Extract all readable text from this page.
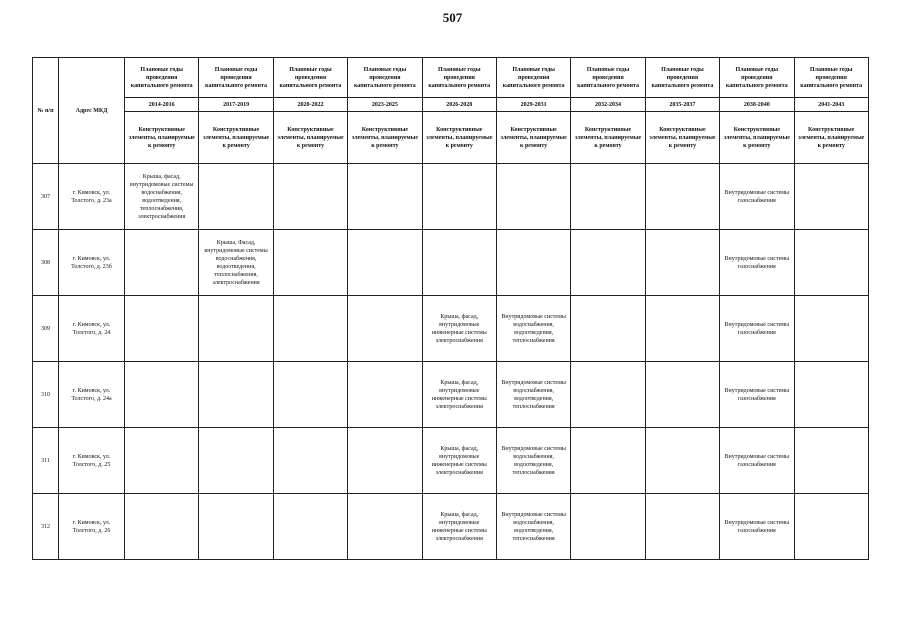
507
№ п/п	Адрес МКД	Плановые годы проведения капитального ремонта	Плановые годы проведения капитального ремонта	Плановые годы проведения капитального ремонта	Плановые годы проведения капитального ремонта	Плановые годы проведения капитального ремонта	Плановые годы проведения капитального ремонта	Плановые годы проведения капитального ремонта	Плановые годы проведения капитального ремонта	Плановые годы проведения капитального ремонта	Плановые годы проведения капитального ремонта
		2014-2016	2017-2019	2020-2022	2023-2025	2026-2028	2029-2031	2032-2034	2035-2037	2038-2040	2041-2043
		Конструктивные элементы, планируемые к ремонту	Конструктивные элементы, планируемые к ремонту	Конструктивные элементы, планируемые к ремонту	Конструктивные элементы, планируемые к ремонту	Конструктивные элементы, планируемые к ремонту	Конструктивные элементы, планируемые к ремонту	Конструктивные элементы, планируемые к ремонту	Конструктивные элементы, планируемые к ремонту	Конструктивные элементы, планируемые к ремонту	Конструктивные элементы, планируемые к ремонту
307	г. Кимовск, ул. Толстого, д. 23а	Крыша, фасад, внутридомовые системы водоснабжения, водоотведения, теплоснабжения, электроснабжения								Внутридомовые системы газоснабжения	
308	г. Кимовск, ул. Толстого, д. 23б		Крыша, Фасад, внутридомовые системы водоснабжения, водоотведения, теплоснабжения, электроснабжения							Внутридомовые системы газоснабжения	
309	г. Кимовск, ул. Толстого, д. 24					Крыша, фасад, внутридомовые инженерные системы электроснабжения	Внутридомовые системы водоснабжения, водоотведения, теплоснабжения			Внутридомовые системы газоснабжения	
310	г. Кимовск, ул. Толстого, д. 24а					Крыша, фасад, внутридомовые инженерные системы электроснабжения	Внутридомовые системы водоснабжения, водоотведения, теплоснабжения			Внутридомовые системы газоснабжения	
311	г. Кимовск, ул. Толстого, д. 25					Крыша, фасад, внутридомовые инженерные системы электроснабжения	Внутридомовые системы водоснабжения, водоотведения, теплоснабжения			Внутридомовые системы газоснабжения	
312	г. Кимовск, ул. Толстого, д. 26					Крыша, фасад, внутридомовые инженерные системы электроснабжения	Внутридомовые системы водоснабжения, водоотведения, теплоснабжения			Внутридомовые системы газоснабжения	
